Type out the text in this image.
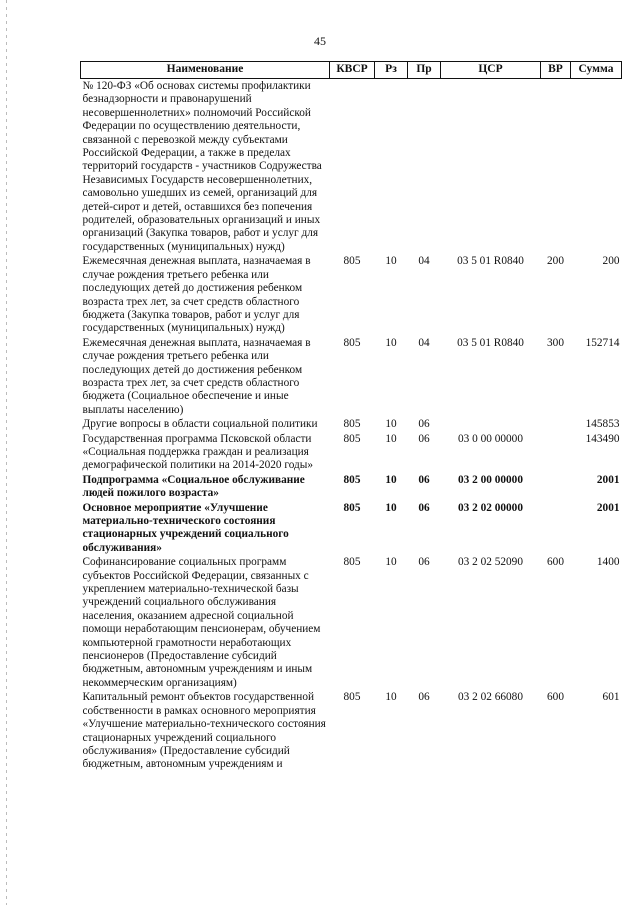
45
Наименование	КВСР	Рз	Пр	ЦСР	ВР	Сумма
№ 120-ФЗ «Об основах системы профилактики безнадзорности и правонарушений несовершеннолетних» полномочий Российской Федерации по осуществлению деятельности, связанной с перевозкой между субъектами Российской Федерации, а также в пределах территорий государств - участников Содружества Независимых Государств несовершеннолетних, самовольно ушедших из семей, организаций для детей-сирот и детей, оставшихся без попечения родителей, образовательных организаций и иных организаций (Закупка товаров, работ и услуг для государственных (муниципальных) нужд)						
Ежемесячная денежная выплата, назначаемая в случае рождения третьего ребенка или последующих детей до достижения ребенком возраста трех лет, за счет средств областного бюджета (Закупка товаров, работ и услуг для государственных (муниципальных) нужд)	805	10	04	03 5 01 R0840	200	200
Ежемесячная денежная выплата, назначаемая в случае рождения третьего ребенка или последующих детей до достижения ребенком возраста трех лет, за счет средств областного бюджета (Социальное обеспечение и иные выплаты населению)	805	10	04	03 5 01 R0840	300	152714
Другие вопросы в области социальной политики	805	10	06			145853
Государственная программа Псковской области «Социальная поддержка граждан и реализация демографической политики на 2014-2020 годы»	805	10	06	03 0 00 00000		143490
Подпрограмма «Социальное обслуживание людей пожилого возраста»	805	10	06	03 2 00 00000		2001
Основное мероприятие «Улучшение материально-технического состояния стационарных учреждений социального обслуживания»	805	10	06	03 2 02 00000		2001
Софинансирование социальных программ субъектов Российской Федерации, связанных с укреплением материально-технической базы учреждений социального обслуживания населения, оказанием адресной социальной помощи неработающим пенсионерам, обучением компьютерной грамотности неработающих пенсионеров (Предоставление субсидий бюджетным, автономным учреждениям и иным некоммерческим организациям)	805	10	06	03 2 02 52090	600	1400
Капитальный ремонт объектов государственной собственности в рамках основного мероприятия «Улучшение материально-технического состояния стационарных учреждений социального обслуживания» (Предоставление субсидий бюджетным, автономным учреждениям и	805	10	06	03 2 02 66080	600	601
